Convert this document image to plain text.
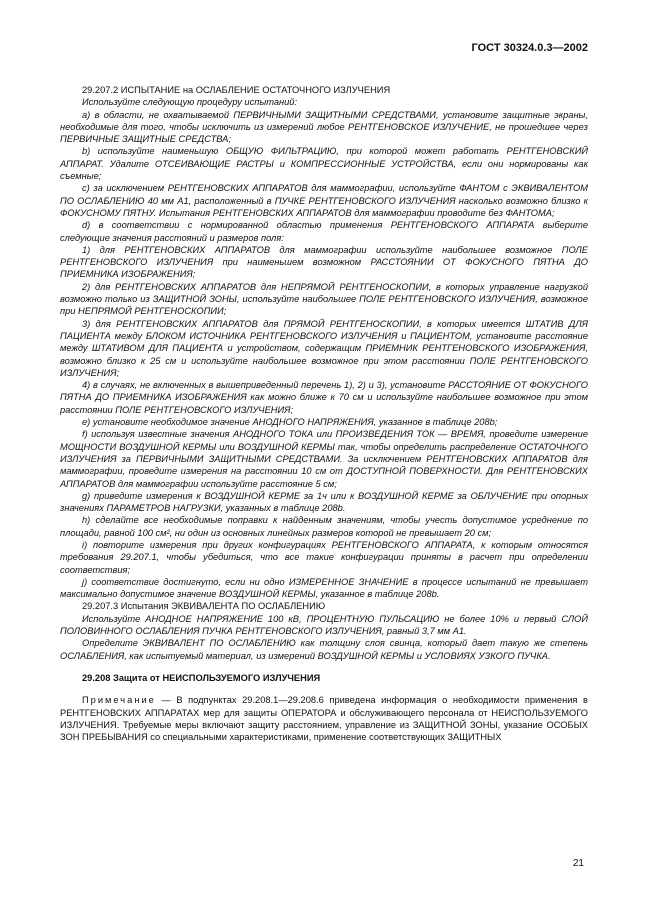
ГОСТ 30324.0.3—2002

29.207.2 ИСПЫТАНИЕ на ОСЛАБЛЕНИЕ ОСТАТОЧНОГО ИЗЛУЧЕНИЯ

Используйте следующую процедуру испытаний:

а) в области, не охватываемой ПЕРВИЧНЫМИ ЗАЩИТНЫМИ СРЕДСТВАМИ, установите защитные экраны, необходимые для того, чтобы исключить из измерений любое РЕНТГЕНОВСКОЕ ИЗЛУЧЕНИЕ, не прошедшее через ПЕРВИЧНЫЕ ЗАЩИТНЫЕ СРЕДСТВА;

b) используйте наименьшую ОБЩУЮ ФИЛЬТРАЦИЮ, при которой может работать РЕНТГЕНОВСКИЙ АППАРАТ. Удалите ОТСЕИВАЮЩИЕ РАСТРЫ и КОМПРЕССИОННЫЕ УСТРОЙСТВА, если они нормированы как съемные;

c) за исключением РЕНТГЕНОВСКИХ АППАРАТОВ для маммографии, используйте ФАНТОМ с ЭКВИВАЛЕНТОМ ПО ОСЛАБЛЕНИЮ 40 мм А1, расположенный в ПУЧКЕ РЕНТГЕНОВСКОГО ИЗЛУЧЕНИЯ насколько возможно близко к ФОКУСНОМУ ПЯТНУ. Испытания РЕНТГЕНОВСКИХ АППАРАТОВ для маммографии проводите без ФАНТОМА;

d) в соответствии с нормированной областью применения РЕНТГЕНОВСКОГО АППАРАТА выберите следующие значения расстояний и размеров поля:

1) для РЕНТГЕНОВСКИХ АППАРАТОВ для маммографии используйте наибольшее возможное ПОЛЕ РЕНТГЕНОВСКОГО ИЗЛУЧЕНИЯ при наименьшем возможном РАССТОЯНИИ ОТ ФОКУСНОГО ПЯТНА ДО ПРИЕМНИКА ИЗОБРАЖЕНИЯ;

2) для РЕНТГЕНОВСКИХ АППАРАТОВ для НЕПРЯМОЙ РЕНТГЕНОСКОПИИ, в которых управление нагрузкой возможно только из ЗАЩИТНОЙ ЗОНЫ, используйте наибольшее ПОЛЕ РЕНТГЕНОВСКОГО ИЗЛУЧЕНИЯ, возможное при НЕПРЯМОЙ РЕНТГЕНОСКОПИИ;

3) для РЕНТГЕНОВСКИХ АППАРАТОВ для ПРЯМОЙ РЕНТГЕНОСКОПИИ, в которых имеется ШТАТИВ ДЛЯ ПАЦИЕНТА между БЛОКОМ ИСТОЧНИКА РЕНТГЕНОВСКОГО ИЗЛУЧЕНИЯ и ПАЦИЕНТОМ, установите расстояние между ШТАТИВОМ ДЛЯ ПАЦИЕНТА и устройством, содержащим ПРИЕМНИК РЕНТГЕНОВСКОГО ИЗОБРАЖЕНИЯ, возможно близко к 25 см и используйте наибольшее возможное при этом расстоянии ПОЛЕ РЕНТГЕНОВСКОГО ИЗЛУЧЕНИЯ;

4) в случаях, не включенных в вышеприведенный перечень 1), 2) и 3), установите РАССТОЯНИЕ ОТ ФОКУСНОГО ПЯТНА ДО ПРИЕМНИКА ИЗОБРАЖЕНИЯ как можно ближе к 70 см и используйте наибольшее возможное при этом расстоянии ПОЛЕ РЕНТГЕНОВСКОГО ИЗЛУЧЕНИЯ;

e) установите необходимое значение АНОДНОГО НАПРЯЖЕНИЯ, указанное в таблице 208b;

f) используя известные значения АНОДНОГО ТОКА или ПРОИЗВЕДЕНИЯ ТОК — ВРЕМЯ, проведите измерение МОЩНОСТИ ВОЗДУШНОЙ КЕРМЫ или ВОЗДУШНОЙ КЕРМЫ так, чтобы определить распределение ОСТАТОЧНОГО ИЗЛУЧЕНИЯ за ПЕРВИЧНЫМИ ЗАЩИТНЫМИ СРЕДСТВАМИ. За исключением РЕНТГЕНОВСКИХ АППАРАТОВ для маммографии, проведите измерения на расстоянии 10 см от ДОСТУПНОЙ ПОВЕРХНОСТИ. Для РЕНТГЕНОВСКИХ АППАРАТОВ для маммографии используйте расстояние 5 см;

g) приведите измерения к ВОЗДУШНОЙ КЕРМЕ за 1ч или к ВОЗДУШНОЙ КЕРМЕ за ОБЛУЧЕНИЕ при опорных значениях ПАРАМЕТРОВ НАГРУЗКИ, указанных в таблице 208b.

h) сделайте все необходимые поправки к найденным значениям, чтобы учесть допустимое усреднение по площади, равной 100 см², ни один из основных линейных размеров которой не превышает 20 см;

i) повторите измерения при других конфигурациях РЕНТГЕНОВСКОГО АППАРАТА, к которым относятся требования 29.207.1, чтобы убедиться, что все такие конфигурации приняты в расчет при определении соответствия;

j) соответствие достигнуто, если ни одно ИЗМЕРЕННОЕ ЗНАЧЕНИЕ в процессе испытаний не превышает максимально допустимое значение ВОЗДУШНОЙ КЕРМЫ, указанное в таблице 208b.

29.207.3 Испытания ЭКВИВАЛЕНТА ПО ОСЛАБЛЕНИЮ

Используйте АНОДНОЕ НАПРЯЖЕНИЕ 100 кВ, ПРОЦЕНТНУЮ ПУЛЬСАЦИЮ не более 10% и первый СЛОЙ ПОЛОВИННОГО ОСЛАБЛЕНИЯ ПУЧКА РЕНТГЕНОВСКОГО ИЗЛУЧЕНИЯ, равный 3,7 мм А1.

Определите ЭКВИВАЛЕНТ ПО ОСЛАБЛЕНИЮ как толщину слоя свинца, который дает такую же степень ОСЛАБЛЕНИЯ, как испытуемый материал, из измерений ВОЗДУШНОЙ КЕРМЫ и УСЛОВИЯХ УЗКОГО ПУЧКА.

29.208 Защита от НЕИСПОЛЬЗУЕМОГО ИЗЛУЧЕНИЯ

Примечание — В подпунктах 29.208.1—29.208.6 приведена информация о необходимости применения в РЕНТГЕНОВСКИХ АППАРАТАХ мер для защиты ОПЕРАТОРА и обслуживающего персонала от НЕИСПОЛЬЗУЕМОГО ИЗЛУЧЕНИЯ. Требуемые меры включают защиту расстоянием, управление из ЗАЩИТНОЙ ЗОНЫ, указание ОСОБЫХ ЗОН ПРЕБЫВАНИЯ со специальными характеристиками, применение соответствующих ЗАЩИТНЫХ

21
